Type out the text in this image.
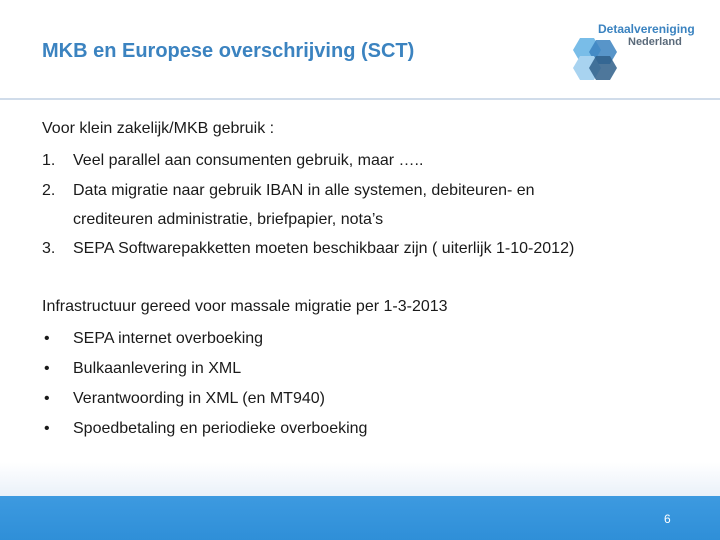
MKB en Europese overschrijving (SCT)
Detaalvereniging
Nederland
Voor klein zakelijk/MKB gebruik :
1. Veel parallel aan consumenten gebruik, maar …..
2. Data migratie naar gebruik IBAN in alle systemen, debiteuren- en
crediteuren administratie, briefpapier, nota’s
3. SEPA Softwarepakketten moeten beschikbaar zijn ( uiterlijk 1-10-2012)
Infrastructuur gereed voor massale migratie per 1-3-2013
• SEPA internet overboeking
• Bulkaanlevering in XML
• Verantwoording in XML (en MT940)
• Spoedbetaling en periodieke overboeking
6
